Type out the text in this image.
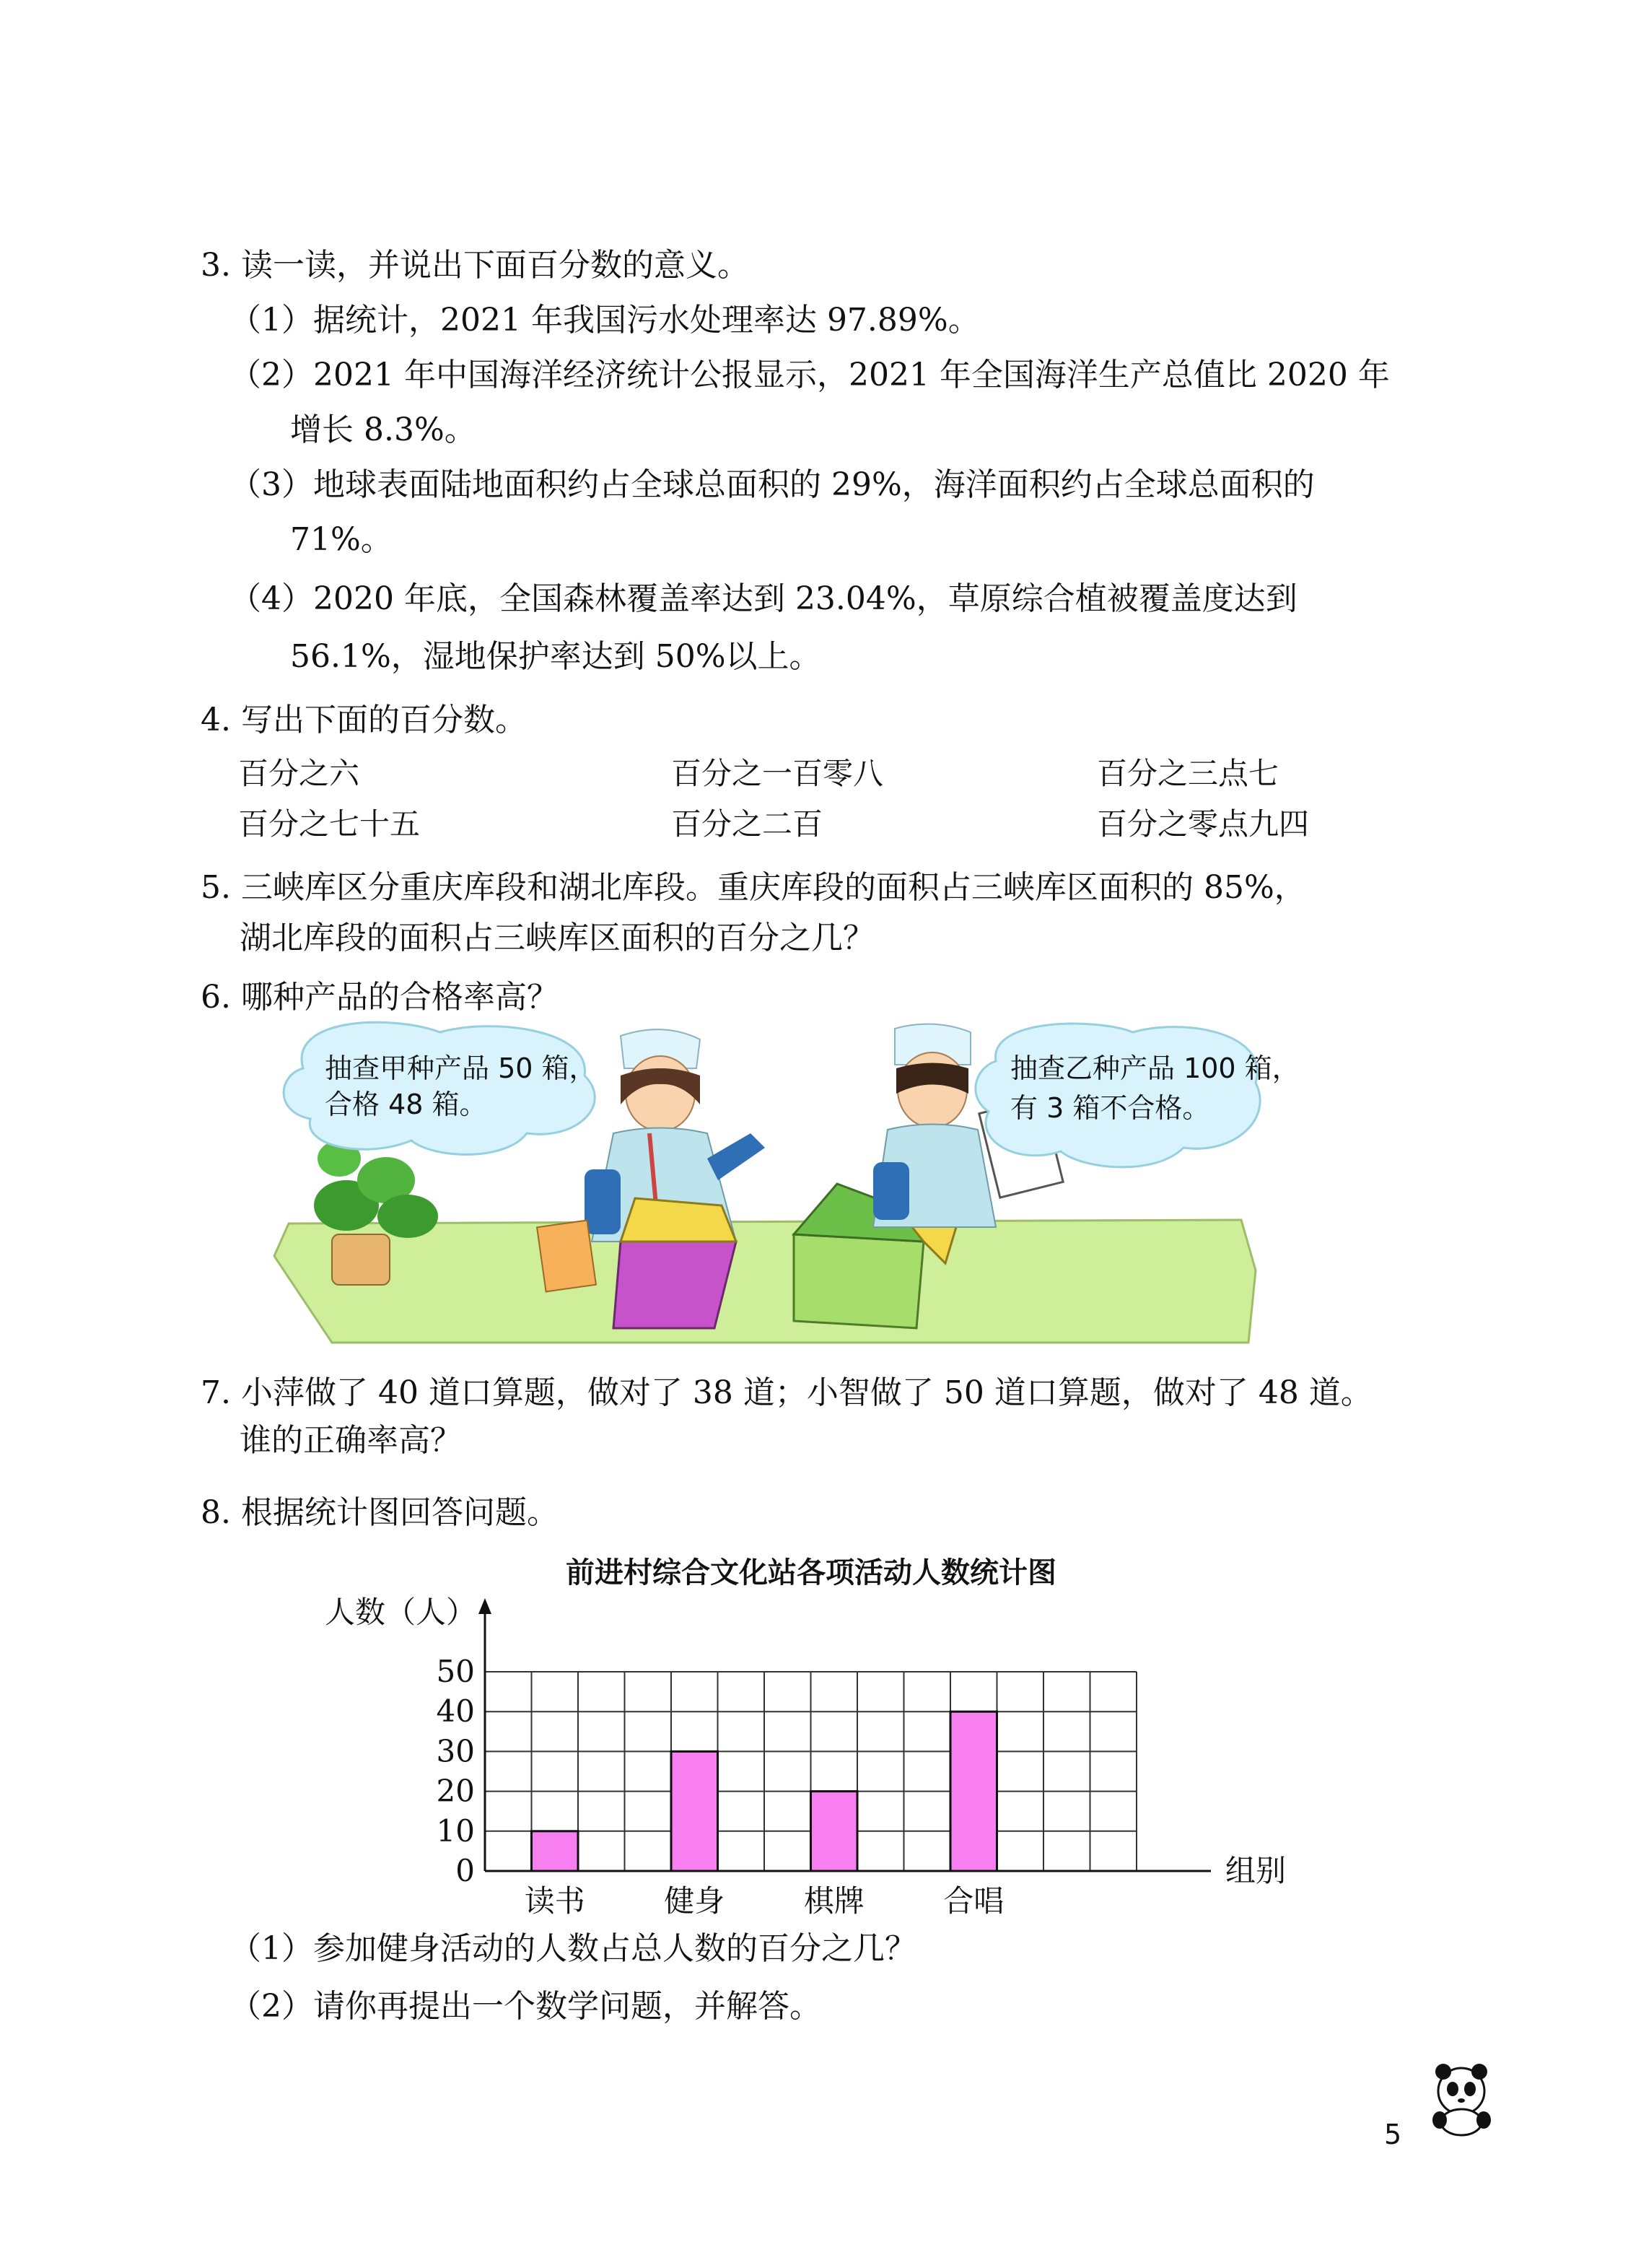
3. 读一读，并说出下面百分数的意义。
（1）据统计，2021 年我国污水处理率达 97.89%。
（2）2021 年中国海洋经济统计公报显示，2021 年全国海洋生产总值比 2020 年
增长 8.3%。
（3）地球表面陆地面积约占全球总面积的 29%，海洋面积约占全球总面积的
71%。
（4）2020 年底，全国森林覆盖率达到 23.04%，草原综合植被覆盖度达到
56.1%，湿地保护率达到 50%以上。
4. 写出下面的百分数。
百分之六	百分之一百零八	百分之三点七
百分之七十五	百分之二百	百分之零点九四
5. 三峡库区分重庆库段和湖北库段。重庆库段的面积占三峡库区面积的 85%，
湖北库段的面积占三峡库区面积的百分之几？
6. 哪种产品的合格率高？
抽查甲种产品 50 箱，
合格 48 箱。
抽查乙种产品 100 箱，
有 3 箱不合格。
7. 小萍做了 40 道口算题，做对了 38 道；小智做了 50 道口算题，做对了 48 道。
谁的正确率高？
8. 根据统计图回答问题。
前进村综合文化站各项活动人数统计图
人数（人）
组别
0
10
20
30
40
50
读书	健身	棋牌	合唱
（1）参加健身活动的人数占总人数的百分之几？
（2）请你再提出一个数学问题，并解答。
5
